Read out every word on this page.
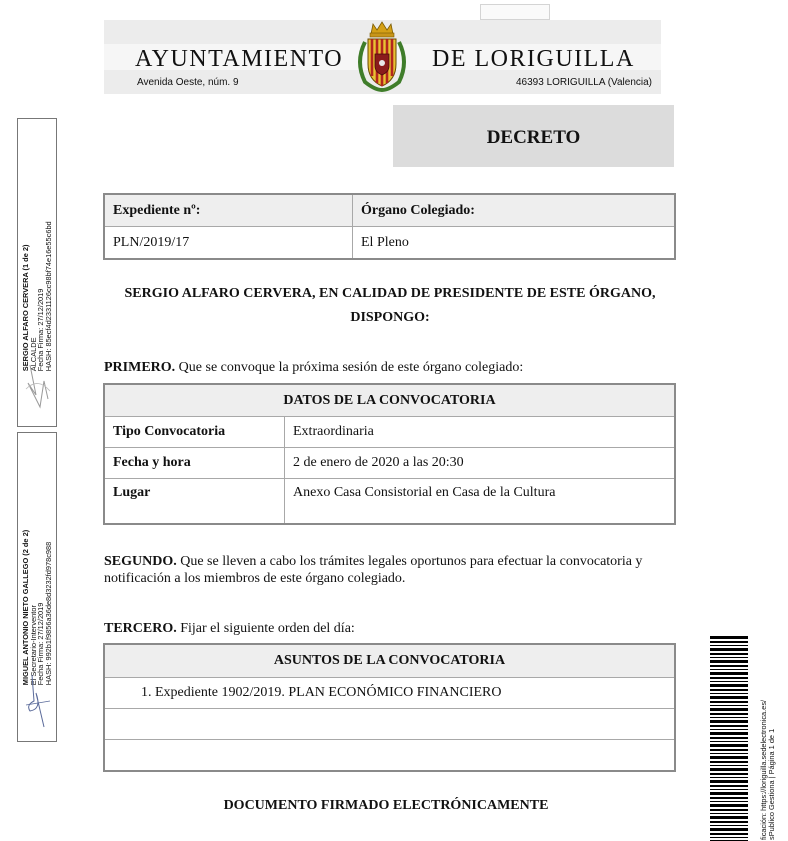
AYUNTAMIENTO	DE LORIGUILLA
Avenida Oeste, núm. 9	46393 LORIGUILLA (Valencia)
DECRETO
Expediente nº:	Órgano Colegiado:
PLN/2019/17	El Pleno
SERGIO ALFARO CERVERA, EN CALIDAD DE PRESIDENTE DE ESTE ÓRGANO,
DISPONGO:
PRIMERO. Que se convoque la próxima sesión de este órgano colegiado:
DATOS DE LA CONVOCATORIA	
Tipo Convocatoria	Extraordinaria
Fecha y hora	2 de enero de 2020 a las 20:30
Lugar	Anexo Casa Consistorial en Casa de la Cultura
SEGUNDO. Que se lleven a cabo los trámites legales oportunos para efectuar la convocatoria y notificación a los miembros de este órgano colegiado.
TERCERO. Fijar el siguiente orden del día:
ASUNTOS DE LA CONVOCATORIA
1. Expediente 1902/2019. PLAN ECONÓMICO FINANCIERO

DOCUMENTO FIRMADO ELECTRÓNICAMENTE
SERGIO ALFARO CERVERA (1 de 2)
ALCALDE
Fecha Firma: 27/12/2019
HASH: 85ecf4d2331126cc98bf74e16e55c6bd
MIGUEL ANTONIO NIETO GALLEGO (2 de 2)
El Secretario-Interventor
Fecha Firma: 27/12/2019
HASH: 992b1f9856a36de8d3232fd978c988
ficación: https://loriguilla.sedelectronica.es/ sPublico Gestiona | Página 1 de 1
